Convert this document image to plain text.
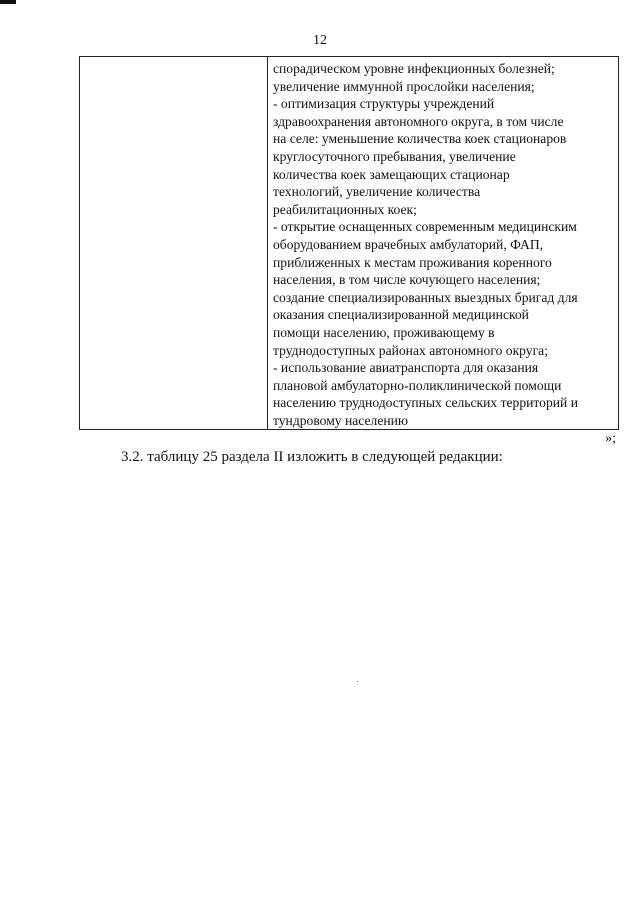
12

спорадическом уровне инфекционных болезней;
увеличение иммунной прослойки населения;
- оптимизация структуры учреждений
здравоохранения автономного округа, в том числе
на селе: уменьшение количества коек стационаров
круглосуточного пребывания, увеличение
количества коек замещающих стационар
технологий, увеличение количества
реабилитационных коек;
- открытие оснащенных современным медицинским
оборудованием врачебных амбулаторий, ФАП,
приближенных к местам проживания коренного
населения, в том числе кочующего населения;
создание специализированных выездных бригад для
оказания специализированной медицинской
помощи населению, проживающему в
труднодоступных районах автономного округа;
- использование авиатранспорта для оказания
плановой амбулаторно-поликлинической помощи
населению труднодоступных сельских территорий и
тундровому населению
»;
3.2. таблицу 25 раздела II изложить в следующей редакции:
